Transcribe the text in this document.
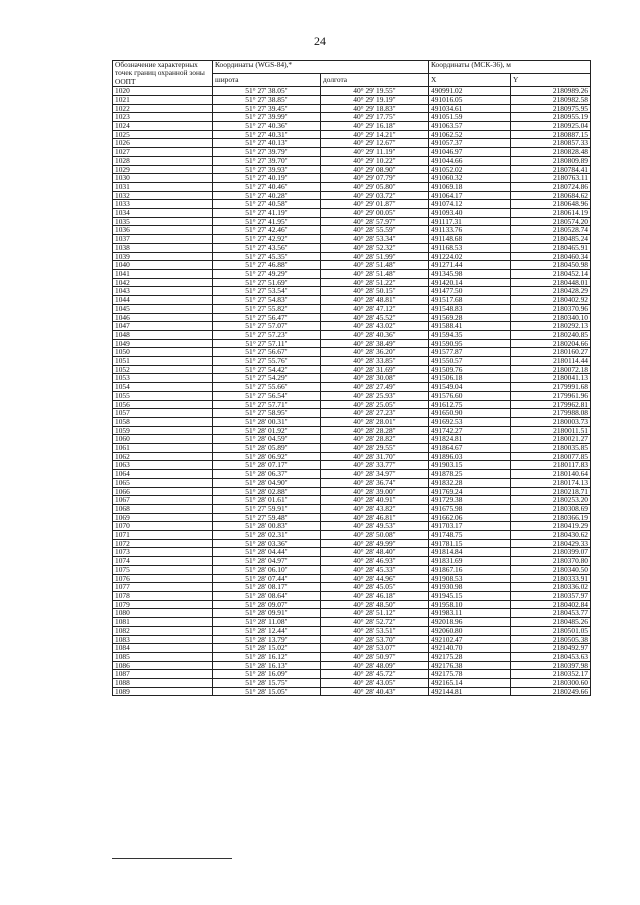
24
Обозначение характерных точек границ охранной зоны ООПТ	Координаты (WGS-84),*		Координаты (МСК-36), м	
	широта	долгота	X	Y
1020	51° 27' 38.05"	40° 29' 19.55"	490991.02	2180989.26
1021	51° 27' 38.85"	40° 29' 19.19"	491016.05	2180982.58
1022	51° 27' 39.45"	40° 29' 18.83"	491034.61	2180975.95
1023	51° 27' 39.99"	40° 29' 17.75"	491051.59	2180955.19
1024	51° 27' 40.36"	40° 29' 16.18"	491063.57	2180925.04
1025	51° 27' 40.31"	40° 29' 14.21"	491062.52	2180887.15
1026	51° 27' 40.13"	40° 29' 12.67"	491057.37	2180857.33
1027	51° 27' 39.79"	40° 29' 11.19"	491046.97	2180828.48
1028	51° 27' 39.70"	40° 29' 10.22"	491044.66	2180809.89
1029	51° 27' 39.93"	40° 29' 08.90"	491052.02	2180784.41
1030	51° 27' 40.19"	40° 29' 07.79"	491060.32	2180763.11
1031	51° 27' 40.46"	40° 29' 05.80"	491069.18	2180724.86
1032	51° 27' 40.28"	40° 29' 03.72"	491064.17	2180684.62
1033	51° 27' 40.58"	40° 29' 01.87"	491074.12	2180648.96
1034	51° 27' 41.19"	40° 29' 00.05"	491093.40	2180614.19
1035	51° 27' 41.95"	40° 28' 57.97"	491117.31	2180574.20
1036	51° 27' 42.46"	40° 28' 55.59"	491133.76	2180528.74
1037	51° 27' 42.92"	40° 28' 53.34"	491148.68	2180485.24
1038	51° 27' 43.56"	40° 28' 52.32"	491168.53	2180465.91
1039	51° 27' 45.35"	40° 28' 51.99"	491224.02	2180460.34
1040	51° 27' 46.88"	40° 28' 51.48"	491271.44	2180450.98
1041	51° 27' 49.29"	40° 28' 51.48"	491345.98	2180452.14
1042	51° 27' 51.69"	40° 28' 51.22"	491420.14	2180448.01
1043	51° 27' 53.54"	40° 28' 50.15"	491477.50	2180428.29
1044	51° 27' 54.83"	40° 28' 48.81"	491517.68	2180402.92
1045	51° 27' 55.82"	40° 28' 47.12"	491548.83	2180370.96
1046	51° 27' 56.47"	40° 28' 45.52"	491569.28	2180340.10
1047	51° 27' 57.07"	40° 28' 43.02"	491588.41	2180292.13
1048	51° 27' 57.23"	40° 28' 40.36"	491594.35	2180240.85
1049	51° 27' 57.11"	40° 28' 38.49"	491590.95	2180204.66
1050	51° 27' 56.67"	40° 28' 36.20"	491577.87	2180160.27
1051	51° 27' 55.76"	40° 28' 33.85"	491550.57	2180114.44
1052	51° 27' 54.42"	40° 28' 31.69"	491509.76	2180072.18
1053	51° 27' 54.29"	40° 28' 30.08"	491506.18	2180041.13
1054	51° 27' 55.66"	40° 28' 27.49"	491549.04	2179991.68
1055	51° 27' 56.54"	40° 28' 25.93"	491576.60	2179961.96
1056	51° 27' 57.71"	40° 28' 25.05"	491612.75	2179962.81
1057	51° 27' 58.95"	40° 28' 27.23"	491650.90	2179988.08
1058	51° 28' 00.31"	40° 28' 28.01"	491692.53	2180003.73
1059	51° 28' 01.92"	40° 28' 28.28"	491742.27	2180011.51
1060	51° 28' 04.59"	40° 28' 28.82"	491824.81	2180021.27
1061	51° 28' 05.89"	40° 28' 29.55"	491864.67	2180035.85
1062	51° 28' 06.92"	40° 28' 31.70"	491896.03	2180077.85
1063	51° 28' 07.17"	40° 28' 33.77"	491903.15	2180117.83
1064	51° 28' 06.37"	40° 28' 34.97"	491878.25	2180140.64
1065	51° 28' 04.90"	40° 28' 36.74"	491832.28	2180174.13
1066	51° 28' 02.88"	40° 28' 39.00"	491769.24	2180218.71
1067	51° 28' 01.61"	40° 28' 40.91"	491729.38	2180253.20
1068	51° 27' 59.91"	40° 28' 43.82"	491675.98	2180308.69
1069	51° 27' 59.48"	40° 28' 46.81"	491662.06	2180366.19
1070	51° 28' 00.83"	40° 28' 49.53"	491703.17	2180419.29
1071	51° 28' 02.31"	40° 28' 50.08"	491748.75	2180430.62
1072	51° 28' 03.36"	40° 28' 49.99"	491781.15	2180429.33
1073	51° 28' 04.44"	40° 28' 48.40"	491814.84	2180399.07
1074	51° 28' 04.97"	40° 28' 46.93"	491831.69	2180370.80
1075	51° 28' 06.10"	40° 28' 45.33"	491867.16	2180340.50
1076	51° 28' 07.44"	40° 28' 44.96"	491908.53	2180333.91
1077	51° 28' 08.17"	40° 28' 45.05"	491930.98	2180336.02
1078	51° 28' 08.64"	40° 28' 46.18"	491945.15	2180357.97
1079	51° 28' 09.07"	40° 28' 48.50"	491958.10	2180402.84
1080	51° 28' 09.91"	40° 28' 51.12"	491983.11	2180453.77
1081	51° 28' 11.08"	40° 28' 52.72"	492018.96	2180485.26
1082	51° 28' 12.44"	40° 28' 53.51"	492060.80	2180501.05
1083	51° 28' 13.79"	40° 28' 53.70"	492102.47	2180505.38
1084	51° 28' 15.02"	40° 28' 53.07"	492140.70	2180492.97
1085	51° 28' 16.12"	40° 28' 50.97"	492175.28	2180453.63
1086	51° 28' 16.13"	40° 28' 48.09"	492176.38	2180397.98
1087	51° 28' 16.09"	40° 28' 45.72"	492175.78	2180352.17
1088	51° 28' 15.75"	40° 28' 43.05"	492165.14	2180300.60
1089	51° 28' 15.05"	40° 28' 40.43"	492144.81	2180249.66
